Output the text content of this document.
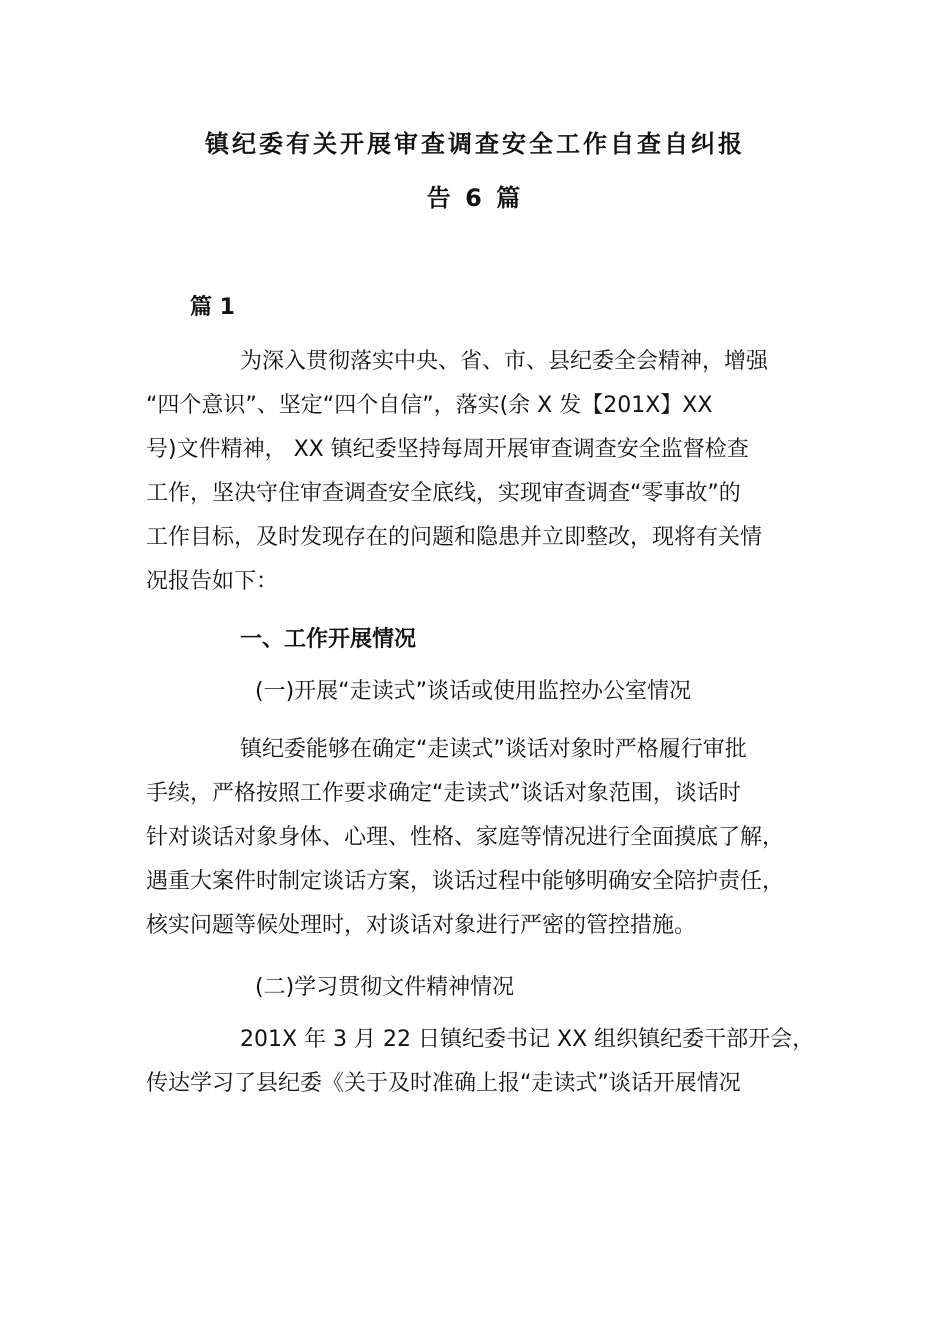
镇纪委有关开展审查调查安全工作自查自纠报
告 6 篇
篇 1
为深入贯彻落实中央、省、市、县纪委全会精神，增强
“四个意识”、坚定“四个自信”，落实(余 X 发【201X】XX
号)文件精神， XX 镇纪委坚持每周开展审查调查安全监督检查
工作，坚决守住审查调查安全底线，实现审查调查“零事故”的
工作目标，及时发现存在的问题和隐患并立即整改，现将有关情
况报告如下：
一、工作开展情况
(一)开展“走读式”谈话或使用监控办公室情况
镇纪委能够在确定“走读式”谈话对象时严格履行审批
手续，严格按照工作要求确定“走读式”谈话对象范围，谈话时
针对谈话对象身体、心理、性格、家庭等情况进行全面摸底了解，
遇重大案件时制定谈话方案，谈话过程中能够明确安全陪护责任，
核实问题等候处理时，对谈话对象进行严密的管控措施。
(二)学习贯彻文件精神情况
201X 年 3 月 22 日镇纪委书记 XX 组织镇纪委干部开会，
传达学习了县纪委《关于及时准确上报“走读式”谈话开展情况
